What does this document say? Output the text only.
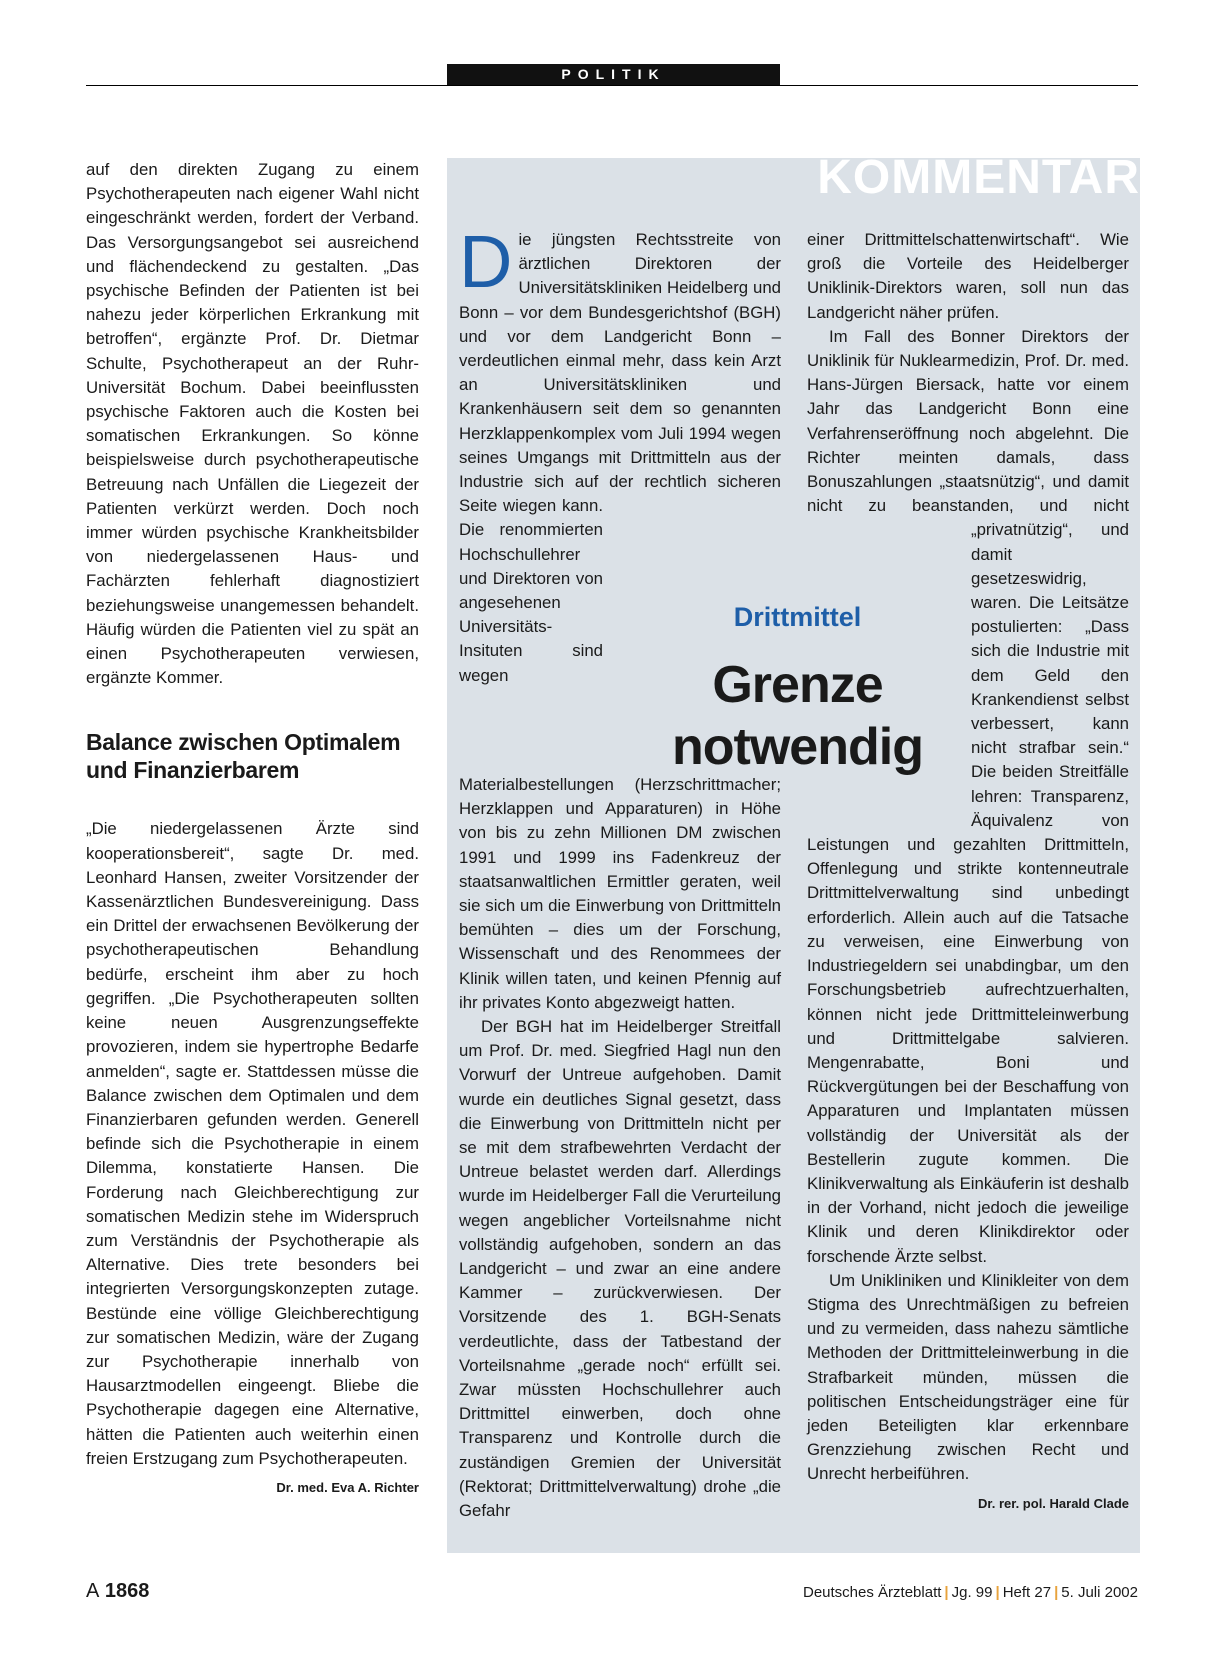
POLITIK

auf den direkten Zugang zu einem Psychotherapeuten nach eigener Wahl nicht eingeschränkt werden, fordert der Verband. Das Versorgungsangebot sei ausreichend und flächendeckend zu gestalten. „Das psychische Befinden der Patienten ist bei nahezu jeder körperlichen Erkrankung mit betroffen“, ergänzte Prof. Dr. Dietmar Schulte, Psychotherapeut an der Ruhr-Universität Bochum. Dabei beeinflussten psychische Faktoren auch die Kosten bei somatischen Erkrankungen. So könne beispielsweise durch psychotherapeutische Betreuung nach Unfällen die Liegezeit der Patienten verkürzt werden. Doch noch immer würden psychische Krankheitsbilder von niedergelassenen Haus- und Fachärzten fehlerhaft diagnostiziert beziehungsweise unangemessen behandelt. Häufig würden die Patienten viel zu spät an einen Psychotherapeuten verwiesen, ergänzte Kommer.

Balance zwischen Optimalem und Finanzierbarem

„Die niedergelassenen Ärzte sind kooperationsbereit“, sagte Dr. med. Leonhard Hansen, zweiter Vorsitzender der Kassenärztlichen Bundesvereinigung. Dass ein Drittel der erwachsenen Bevölkerung der psychotherapeutischen Behandlung bedürfe, erscheint ihm aber zu hoch gegriffen. „Die Psychotherapeuten sollten keine neuen Ausgrenzungseffekte provozieren, indem sie hypertrophe Bedarfe anmelden“, sagte er. Stattdessen müsse die Balance zwischen dem Optimalen und dem Finanzierbaren gefunden werden. Generell befinde sich die Psychotherapie in einem Dilemma, konstatierte Hansen. Die Forderung nach Gleichberechtigung zur somatischen Medizin stehe im Widerspruch zum Verständnis der Psychotherapie als Alternative. Dies trete besonders bei integrierten Versorgungskonzepten zutage. Bestünde eine völlige Gleichberechtigung zur somatischen Medizin, wäre der Zugang zur Psychotherapie innerhalb von Hausarztmodellen eingeengt. Bliebe die Psychotherapie dagegen eine Alternative, hätten die Patienten auch weiterhin einen freien Erstzugang zum Psychotherapeuten.
Dr. med. Eva A. Richter

KOMMENTAR
D ie jüngsten Rechtsstreite von ärztlichen Direktoren der Universitätskliniken Heidelberg und Bonn – vor dem Bundesgerichtshof (BGH) und vor dem Landgericht Bonn – verdeutlichen einmal mehr, dass kein Arzt an Universitätskliniken und Krankenhäusern seit dem so genannten Herzklappenkomplex vom Juli 1994 wegen seines Umgangs mit Drittmitteln aus der Industrie sich auf der rechtlich sicheren Seite wiegen kann. Die renommierten Hochschullehrer und Direktoren von angesehenen Universitäts-Insituten sind wegen Materialbestellungen (Herzschrittmacher; Herzklappen und Apparaturen) in Höhe von bis zu zehn Millionen DM zwischen 1991 und 1999 ins Fadenkreuz der staatsanwaltlichen Ermittler geraten, weil sie sich um die Einwerbung von Drittmitteln bemühten – dies um der Forschung, Wissenschaft und des Renommees der Klinik willen taten, und keinen Pfennig auf ihr privates Konto abgezweigt hatten.

Der BGH hat im Heidelberger Streitfall um Prof. Dr. med. Siegfried Hagl nun den Vorwurf der Untreue aufgehoben. Damit wurde ein deutliches Signal gesetzt, dass die Einwerbung von Drittmitteln nicht per se mit dem strafbewehrten Verdacht der Untreue belastet werden darf. Allerdings wurde im Heidelberger Fall die Verurteilung wegen angeblicher Vorteilsnahme nicht vollständig aufgehoben, sondern an das Landgericht – und zwar an eine andere Kammer – zurückverwiesen. Der Vorsitzende des 1. BGH-Senats verdeutlichte, dass der Tatbestand der Vorteilsnahme „gerade noch“ erfüllt sei. Zwar müssten Hochschullehrer auch Drittmittel einwerben, doch ohne Transparenz und Kontrolle durch die zuständigen Gremien der Universität (Rektorat; Drittmittelverwaltung) drohe „die Gefahr

einer Drittmittelschattenwirtschaft“. Wie groß die Vorteile des Heidelberger Uniklinik-Direktors waren, soll nun das Landgericht näher prüfen.

Im Fall des Bonner Direktors der Uniklinik für Nuklearmedizin, Prof. Dr. med. Hans-Jürgen Biersack, hatte vor einem Jahr das Landgericht Bonn eine Verfahrenseröffnung noch abgelehnt. Die Richter meinten damals, dass Bonuszahlungen „staatsnützig“, und damit nicht zu beanstanden, und nicht „privatnützig“, und damit gesetzeswidrig, waren. Die Leitsätze postulierten: „Dass sich die Industrie mit dem Geld den Krankendienst selbst verbessert, kann nicht strafbar sein.“ Die beiden Streitfälle lehren: Transparenz, Äquivalenz von Leistungen und gezahlten Drittmitteln, Offenlegung und strikte kontenneutrale Drittmittelverwaltung sind unbedingt erforderlich. Allein auch auf die Tatsache zu verweisen, eine Einwerbung von Industriegeldern sei unabdingbar, um den Forschungsbetrieb aufrechtzuerhalten, können nicht jede Drittmitteleinwerbung und Drittmittelgabe salvieren. Mengenrabatte, Boni und Rückvergütungen bei der Beschaffung von Apparaturen und Implantaten müssen vollständig der Universität als der Bestellerin zugute kommen. Die Klinikverwaltung als Einkäuferin ist deshalb in der Vorhand, nicht jedoch die jeweilige Klinik und deren Klinikdirektor oder forschende Ärzte selbst.

Um Unikliniken und Klinikleiter von dem Stigma des Unrechtmäßigen zu befreien und zu vermeiden, dass nahezu sämtliche Methoden der Drittmitteleinwerbung in die Strafbarkeit münden, müssen die politischen Entscheidungsträger eine für jeden Beteiligten klar erkennbare Grenzziehung zwischen Recht und Unrecht herbeiführen.
Dr. rer. pol. Harald Clade

Drittmittel
Grenze notwendig
A 1868	Deutsches Ärzteblatt | Jg. 99 | Heft 27 | 5. Juli 2002
